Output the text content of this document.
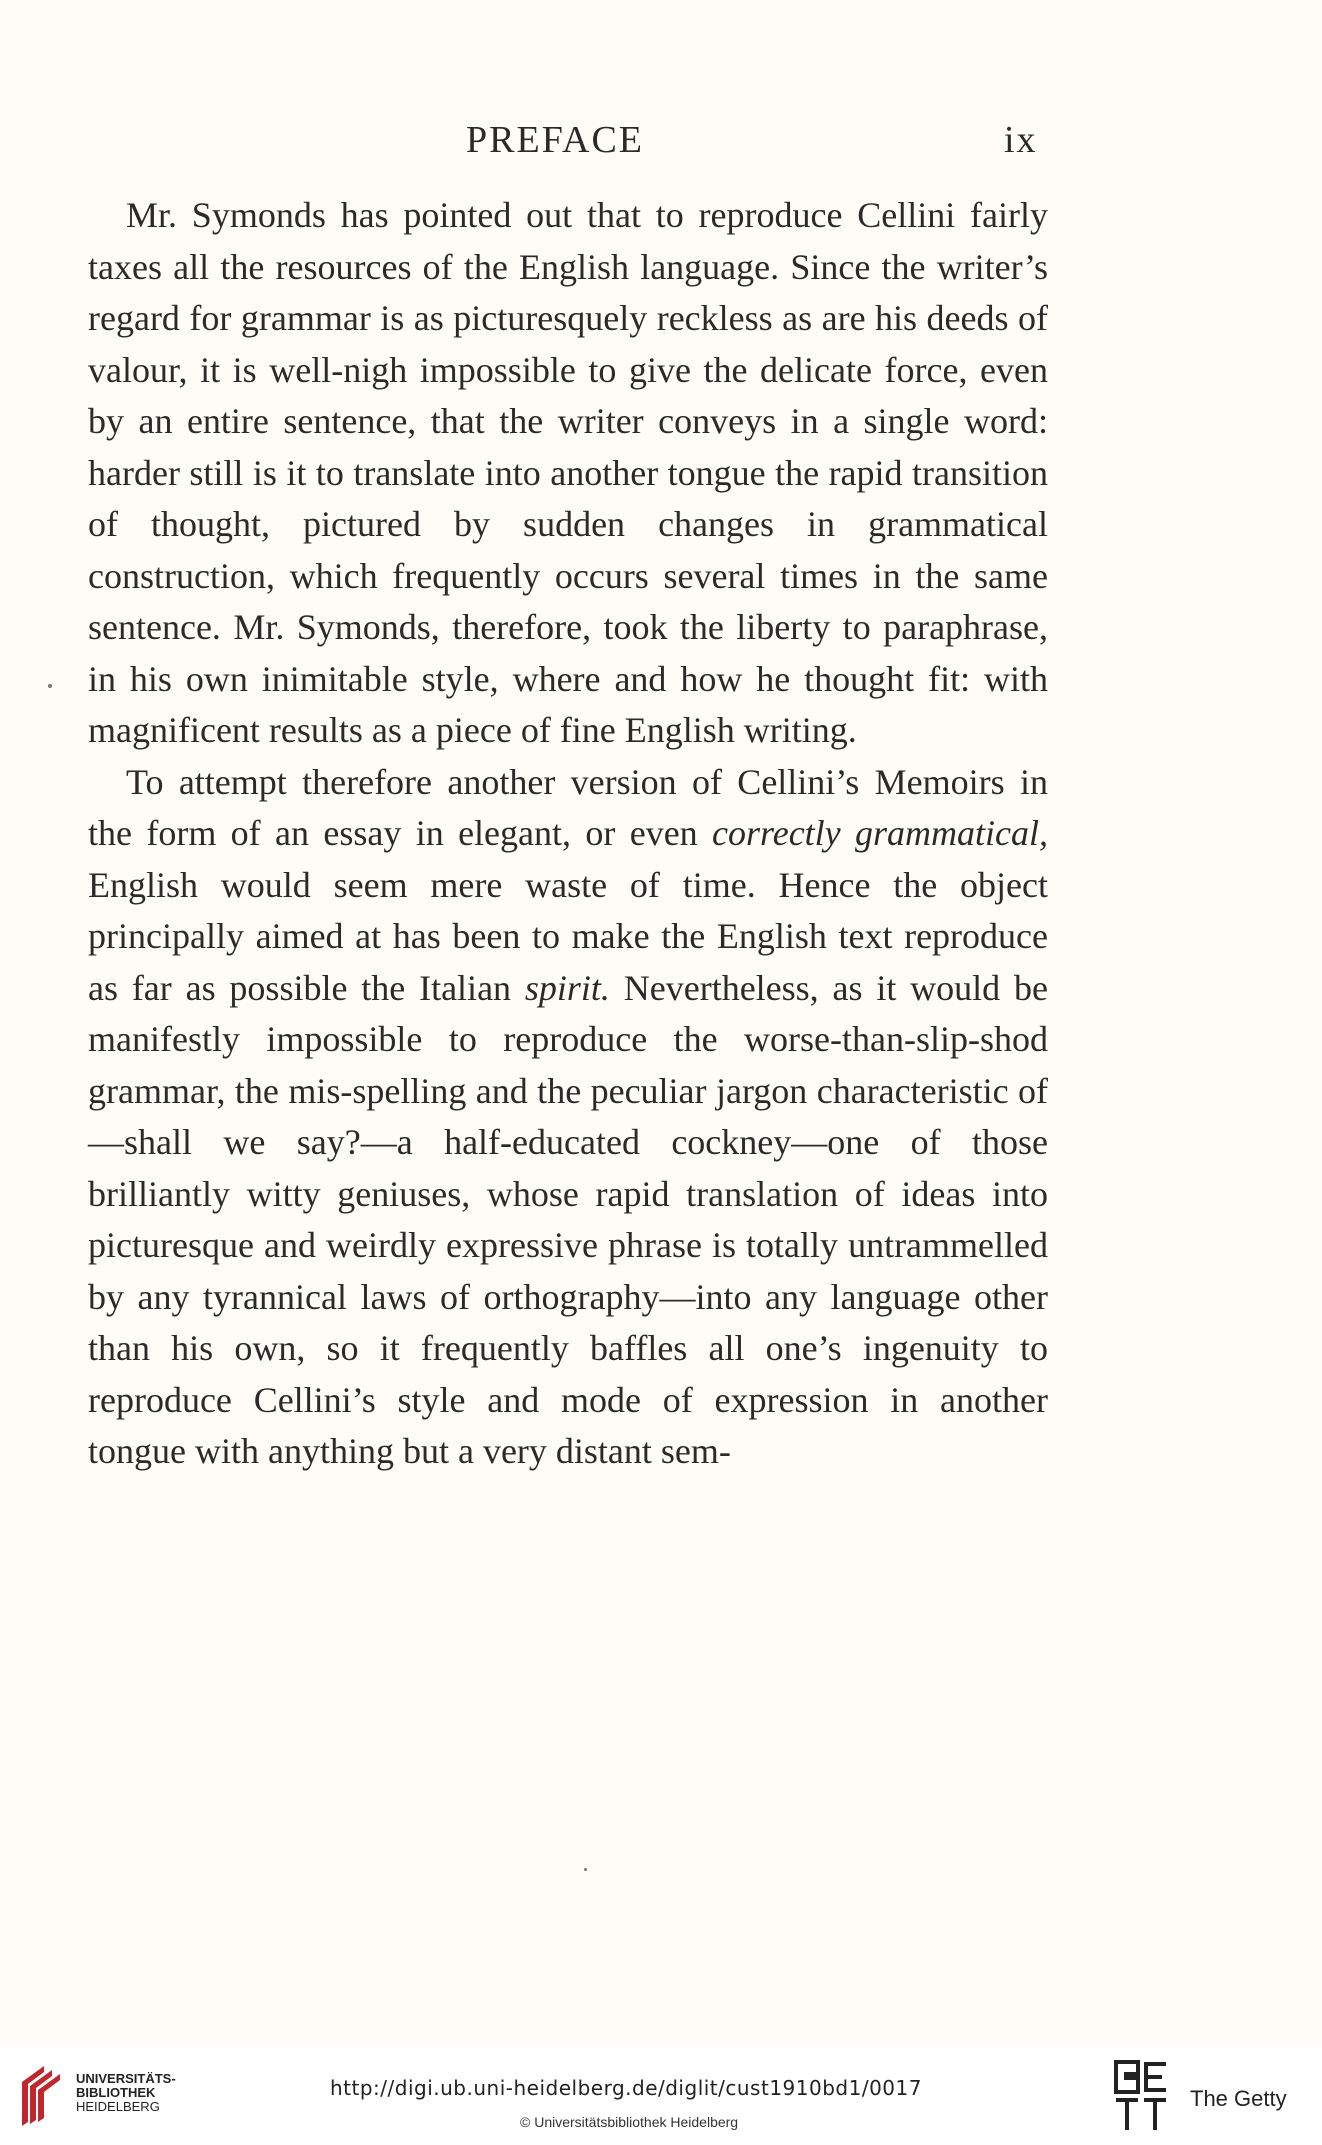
PREFACE	ix

Mr. Symonds has pointed out that to reproduce Cellini fairly taxes all the resources of the English language. Since the writer’s regard for grammar is as picturesquely reckless as are his deeds of valour, it is well-nigh impossible to give the delicate force, even by an entire sentence, that the writer conveys in a single word: harder still is it to translate into another tongue the rapid transition of thought, pictured by sudden changes in grammatical construction, which frequently occurs several times in the same sentence. Mr. Symonds, therefore, took the liberty to paraphrase, in his own inimitable style, where and how he thought fit: with magnificent results as a piece of fine English writing.

To attempt therefore another version of Cellini’s Memoirs in the form of an essay in elegant, or even correctly grammatical, English would seem mere waste of time. Hence the object principally aimed at has been to make the English text reproduce as far as possible the Italian spirit. Nevertheless, as it would be manifestly impossible to reproduce the worse-than-slip-shod grammar, the mis-spelling and the peculiar jargon characteristic of—shall we say?—a half-educated cockney—one of those brilliantly witty geniuses, whose rapid translation of ideas into picturesque and weirdly expressive phrase is totally untrammelled by any tyrannical laws of orthography—into any language other than his own, so it frequently baffles all one’s ingenuity to reproduce Cellini’s style and mode of expression in another tongue with anything but a very distant sem-

UNIVERSITÄTS-
BIBLIOTHEK
HEIDELBERG
http://digi.ub.uni-heidelberg.de/diglit/cust1910bd1/0017
© Universitätsbibliothek Heidelberg
The Getty
